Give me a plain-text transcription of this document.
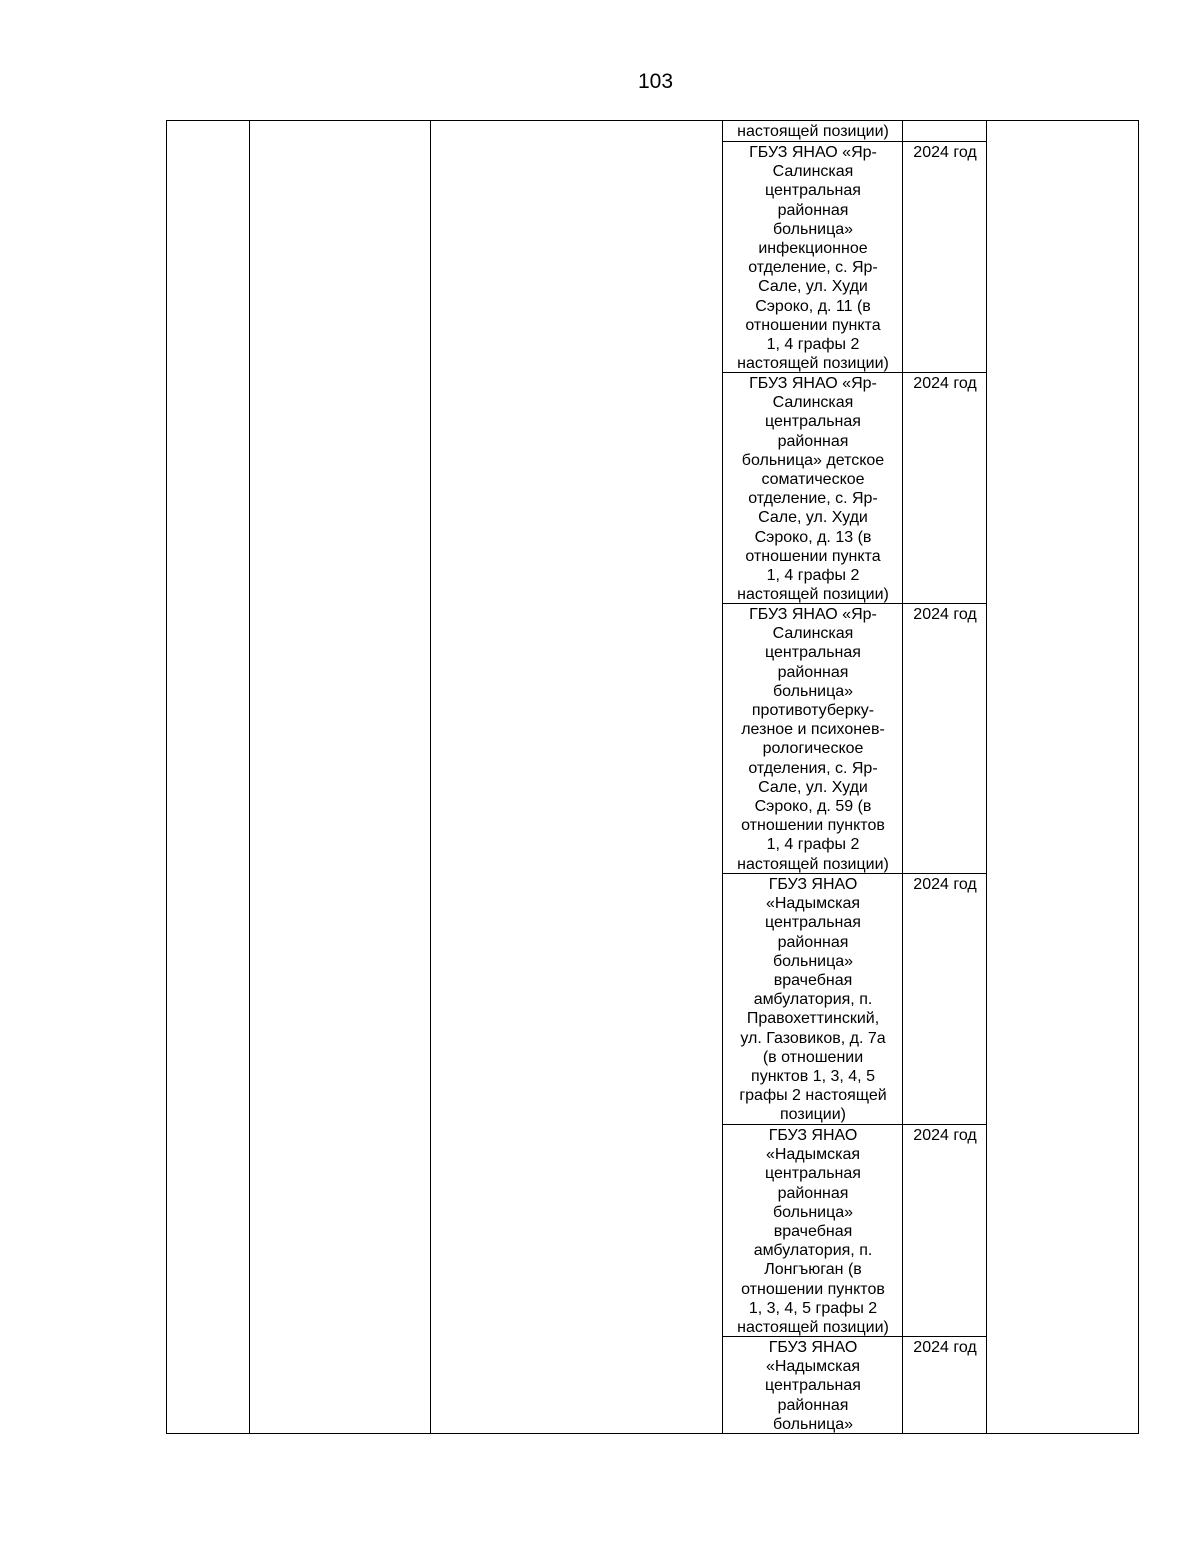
103
настоящей позиции)
ГБУЗ ЯНАО «Яр-
Салинская
центральная
районная
больница»
инфекционное
отделение, с. Яр-
Сале, ул. Худи
Сэроко, д. 11 (в
отношении пункта
1, 4 графы 2
настоящей позиции)
2024 год
ГБУЗ ЯНАО «Яр-
Салинская
центральная
районная
больница» детское
соматическое
отделение, с. Яр-
Сале, ул. Худи
Сэроко, д. 13 (в
отношении пункта
1, 4 графы 2
настоящей позиции)
2024 год
ГБУЗ ЯНАО «Яр-
Салинская
центральная
районная
больница»
противотуберку-
лезное и психонев-
рологическое
отделения, с. Яр-
Сале, ул. Худи
Сэроко, д. 59 (в
отношении пунктов
1, 4 графы 2
настоящей позиции)
2024 год
ГБУЗ ЯНАО
«Надымская
центральная
районная
больница»
врачебная
амбулатория, п.
Правохеттинский,
ул. Газовиков, д. 7а
(в отношении
пунктов 1, 3, 4, 5
графы 2 настоящей
позиции)
2024 год
ГБУЗ ЯНАО
«Надымская
центральная
районная
больница»
врачебная
амбулатория, п.
Лонгъюган (в
отношении пунктов
1, 3, 4, 5 графы 2
настоящей позиции)
2024 год
ГБУЗ ЯНАО
«Надымская
центральная
районная
больница»
2024 год
